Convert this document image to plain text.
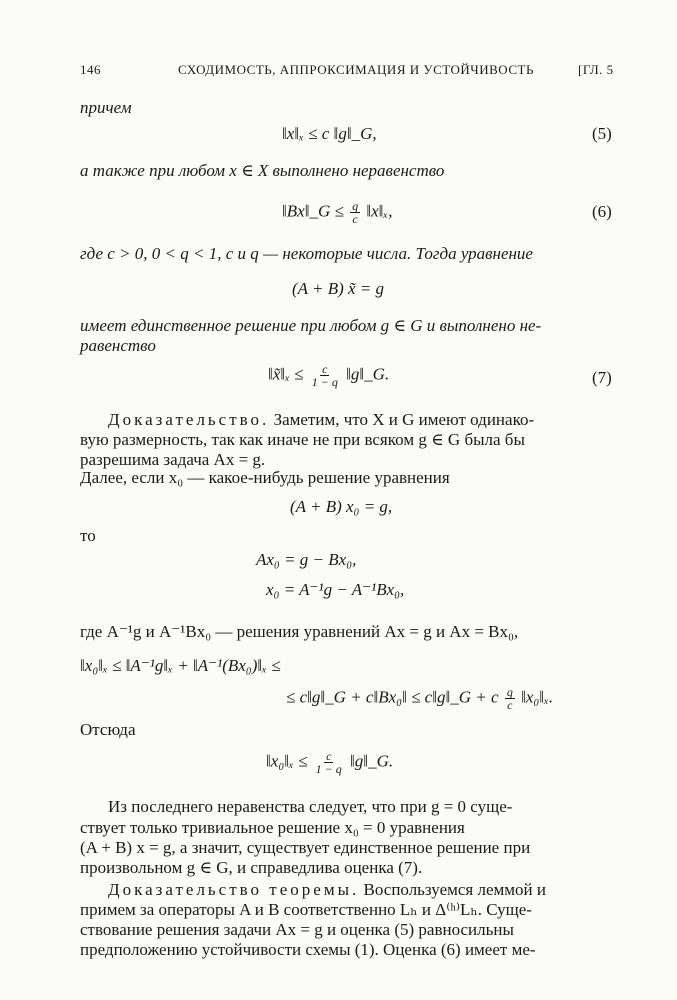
146	СХОДИМОСТЬ, АППРОКСИМАЦИЯ И УСТОЙЧИВОСТЬ	[ГЛ. 5
причем
‖x‖ₓ ≤ c ‖g‖_G,	(5)
а также при любом x ∈ X выполнено неравенство
‖Bx‖_G ≤ $\frac{q}{c}$ ‖x‖ₓ,	(6)
где c > 0, 0 < q < 1, c и q — некоторые числа. Тогда уравнение
(A + B) x̃ = g
имеет единственное решение при любом g ∈ G и выполнено не-
равенство
‖x̃‖ₓ ≤ $\frac{c}{1 - q}$ ‖g‖_G.	(7)
Доказательство. Заметим, что X и G имеют одинако-
вую размерность, так как иначе не при всяком g ∈ G была бы
разрешима задача Ax = g.
Далее, если x₀ — какое-нибудь решение уравнения
(A + B) x₀ = g,
то
Ax₀ = g − Bx₀,
x₀ = A⁻¹g − A⁻¹Bx₀,
где A⁻¹g и A⁻¹Bx₀ — решения уравнений Ax = g и Ax = Bx₀,
‖x₀‖ₓ ≤ ‖A⁻¹g‖ₓ + ‖A⁻¹(Bx₀)‖ₓ ≤
≤ c‖g‖_G + c‖Bx₀‖ ≤ c‖g‖_G + c $\frac{q}{c}$ ‖x₀‖ₓ.
Отсюда
‖x₀‖ₓ ≤ $\frac{c}{1 - q}$ ‖g‖_G.
Из последнего неравенства следует, что при g = 0 суще-
ствует только тривиальное решение x₀ = 0 уравнения
(A + B) x = g, а значит, существует единственное решение при
произвольном g ∈ G, и справедлива оценка (7).
Доказательство теоремы. Воспользуемся леммой и
примем за операторы A и B соответственно Lₕ и Δ⁽ʰ⁾Lₕ. Суще-
ствование решения задачи Ax = g и оценка (5) равносильны
предположению устойчивости схемы (1). Оценка (6) имеет ме-
